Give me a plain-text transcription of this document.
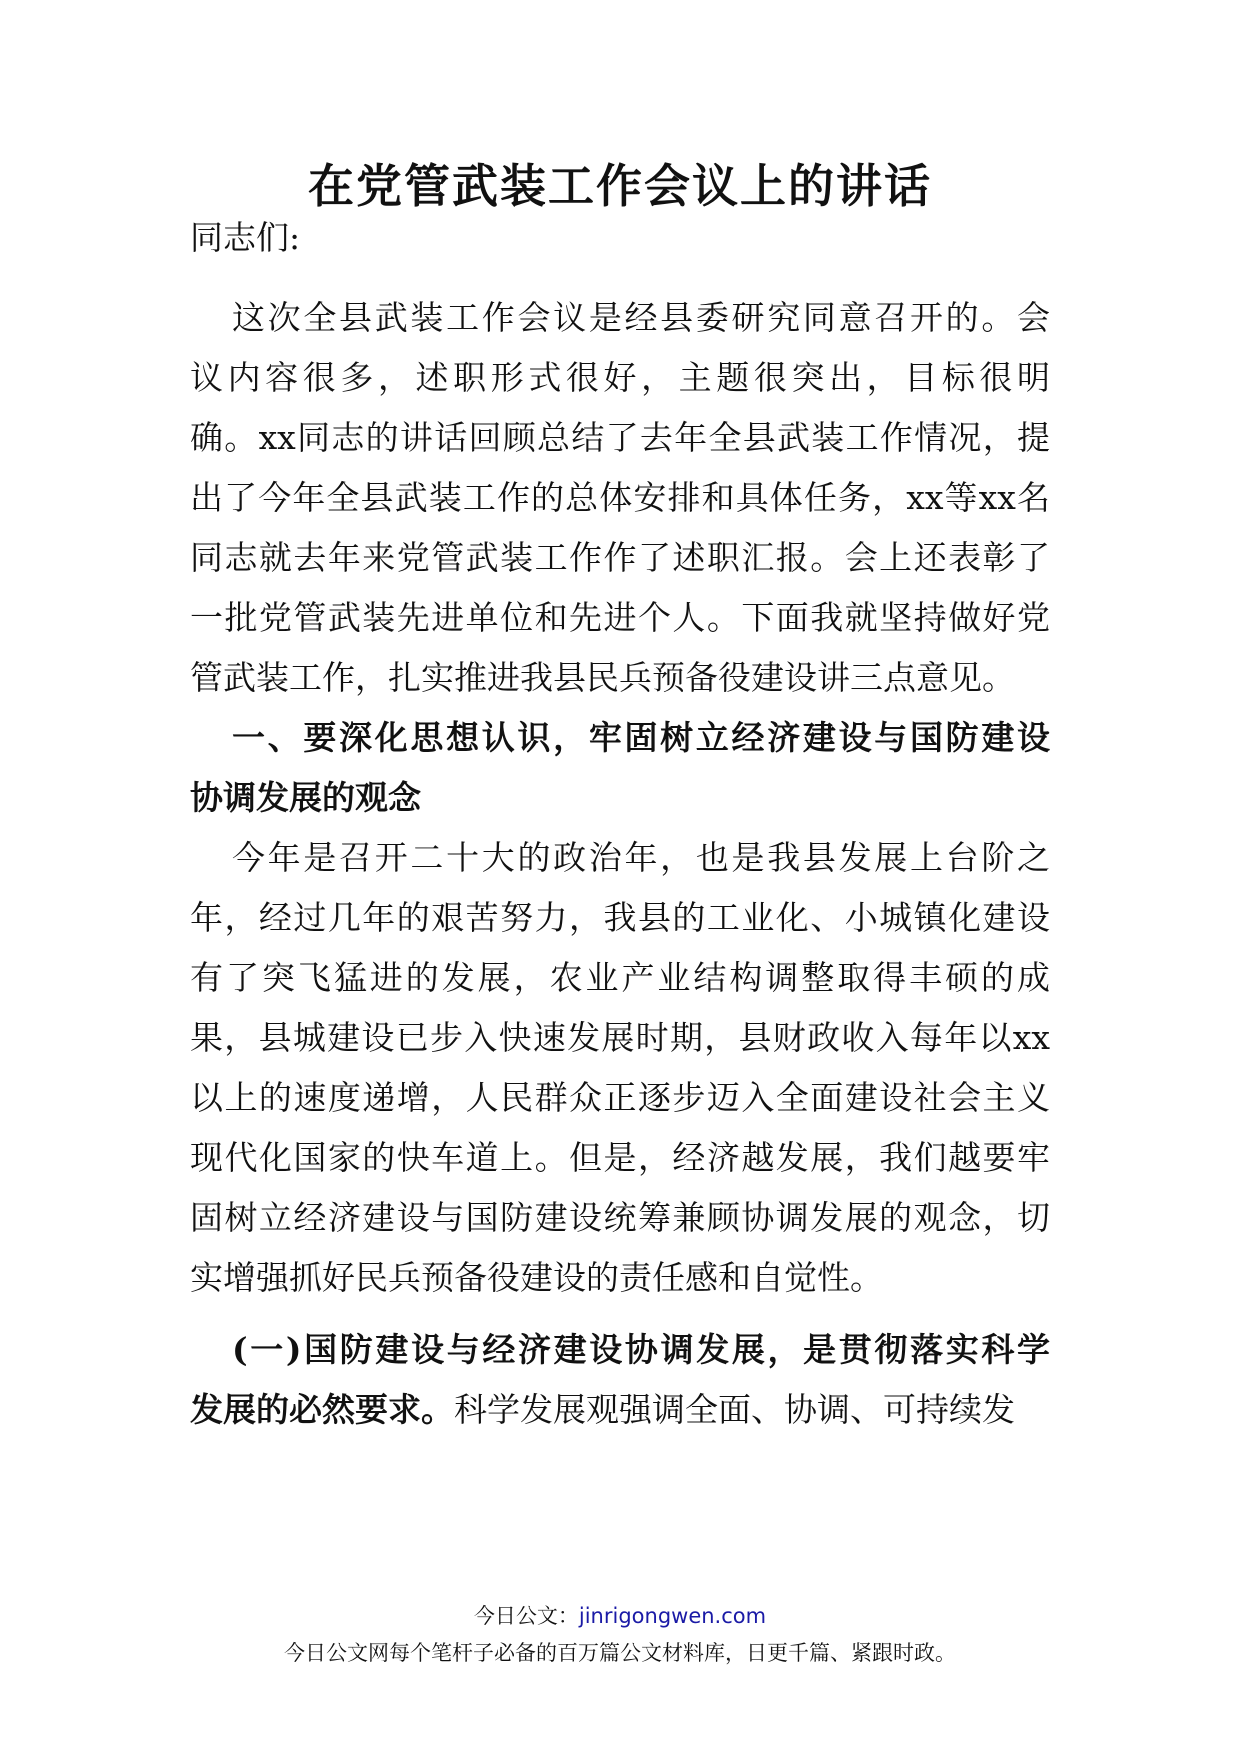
在党管武装工作会议上的讲话

同志们:

这次全县武装工作会议是经县委研究同意召开的。会

议内容很多，述职形式很好，主题很突出，目标很明

确。xx同志的讲话回顾总结了去年全县武装工作情况，提

出了今年全县武装工作的总体安排和具体任务，xx等xx名

同志就去年来党管武装工作作了述职汇报。会上还表彰了

一批党管武装先进单位和先进个人。下面我就坚持做好党

管武装工作，扎实推进我县民兵预备役建设讲三点意见。

一、要深化思想认识，牢固树立经济建设与国防建设

协调发展的观念

今年是召开二十大的政治年，也是我县发展上台阶之

年，经过几年的艰苦努力，我县的工业化、小城镇化建设

有了突飞猛进的发展，农业产业结构调整取得丰硕的成

果，县城建设已步入快速发展时期，县财政收入每年以xx

以上的速度递增，人民群众正逐步迈入全面建设社会主义

现代化国家的快车道上。但是，经济越发展，我们越要牢

固树立经济建设与国防建设统筹兼顾协调发展的观念，切

实增强抓好民兵预备役建设的责任感和自觉性。

(一)国防建设与经济建设协调发展，是贯彻落实科学

发展的必然要求。科学发展观强调全面、协调、可持续发

今日公文：jinrigongwen.com

今日公文网每个笔杆子必备的百万篇公文材料库，日更千篇、紧跟时政。
